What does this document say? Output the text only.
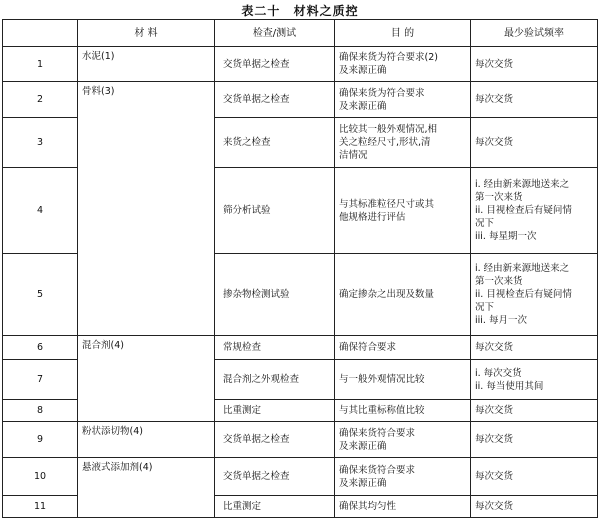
表二十 材料之质控
	材 料	检查/测试	目 的	最少验试频率
1	水泥(1)	交货单据之检查	确保来货为符合要求(2)
及来源正确	每次交货
2	骨料(3)	交货单据之检查	确保来货为符合要求
及来源正确	每次交货
3		来货之检查	比较其一般外观情况,相
关之粒经尺寸,形状,清
洁情况	每次交货
4		筛分析试验	与其标准粒径尺寸或其
他规格进行评估	i. 经由新来源地送来之
第一次来货
ii. 目视检查后有疑问情
况下
iii. 每星期一次
5		掺杂物检测试验	确定掺杂之出现及数量	i. 经由新来源地送来之
第一次来货
ii. 目视检查后有疑问情
况下
iii. 每月一次
6	混合剂(4)	常规检查	确保符合要求	每次交货
7		混合剂之外观检查	与一般外观情况比较	i. 每次交货
ii. 每当使用其间
8		比重测定	与其比重标称值比较	每次交货
9	粉状添切物(4)	交货单据之检查	确保来货符合要求
及来源正确	每次交货
10	悬液式添加剂(4)	交货单据之检查	确保来货符合要求
及来源正确	每次交货
11		比重测定	确保其均匀性	每次交货
